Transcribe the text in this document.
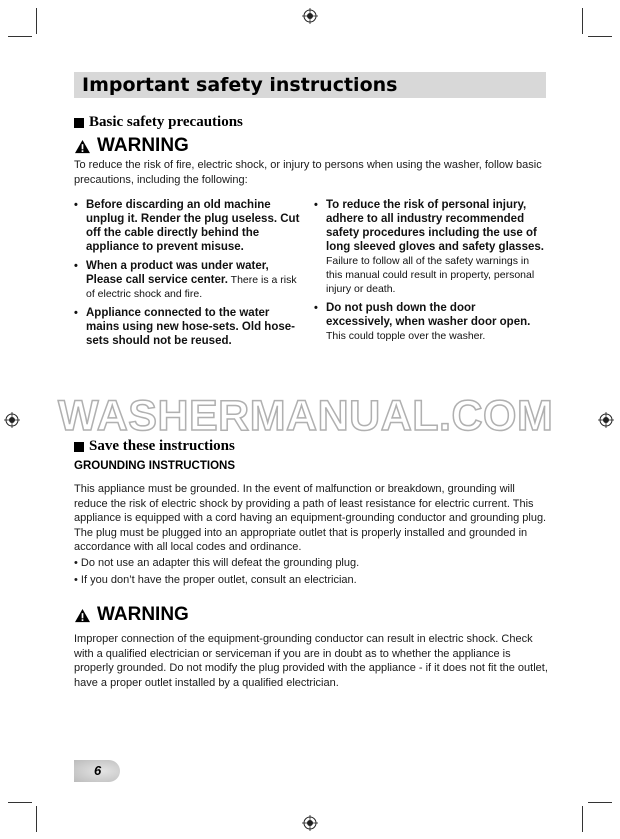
Important safety instructions
Basic safety precautions
WARNING
To reduce the risk of fire, electric shock, or injury to persons when using the washer, follow basic precautions, including the following:
• Before discarding an old machine unplug it. Render the plug useless. Cut off the cable directly behind the appliance to prevent misuse.
• When a product was under water, Please call service center. There is a risk of electric shock and fire.
• Appliance connected to the water mains using new hose-sets. Old hose-sets should not be reused.
• To reduce the risk of personal injury, adhere to all industry recommended safety procedures including the use of long sleeved gloves and safety glasses. Failure to follow all of the safety warnings in this manual could result in property, personal injury or death.
• Do not push down the door excessively, when washer door open. This could topple over the washer.
WASHERMANUAL.COM
Save these instructions
GROUNDING INSTRUCTIONS
This appliance must be grounded. In the event of malfunction or breakdown, grounding will reduce the risk of electric shock by providing a path of least resistance for electric current. This appliance is equipped with a cord having an equipment-grounding conductor and grounding plug. The plug must be plugged into an appropriate outlet that is properly installed and grounded in accordance with all local codes and ordinance.
• Do not use an adapter this will defeat the grounding plug.
• If you don’t have the proper outlet, consult an electrician.
WARNING
Improper connection of the equipment-grounding conductor can result in electric shock. Check with a qualified electrician or serviceman if you are in doubt as to whether the appliance is properly grounded. Do not modify the plug provided with the appliance - if it does not fit the outlet, have a proper outlet installed by a qualified electrician.
6
